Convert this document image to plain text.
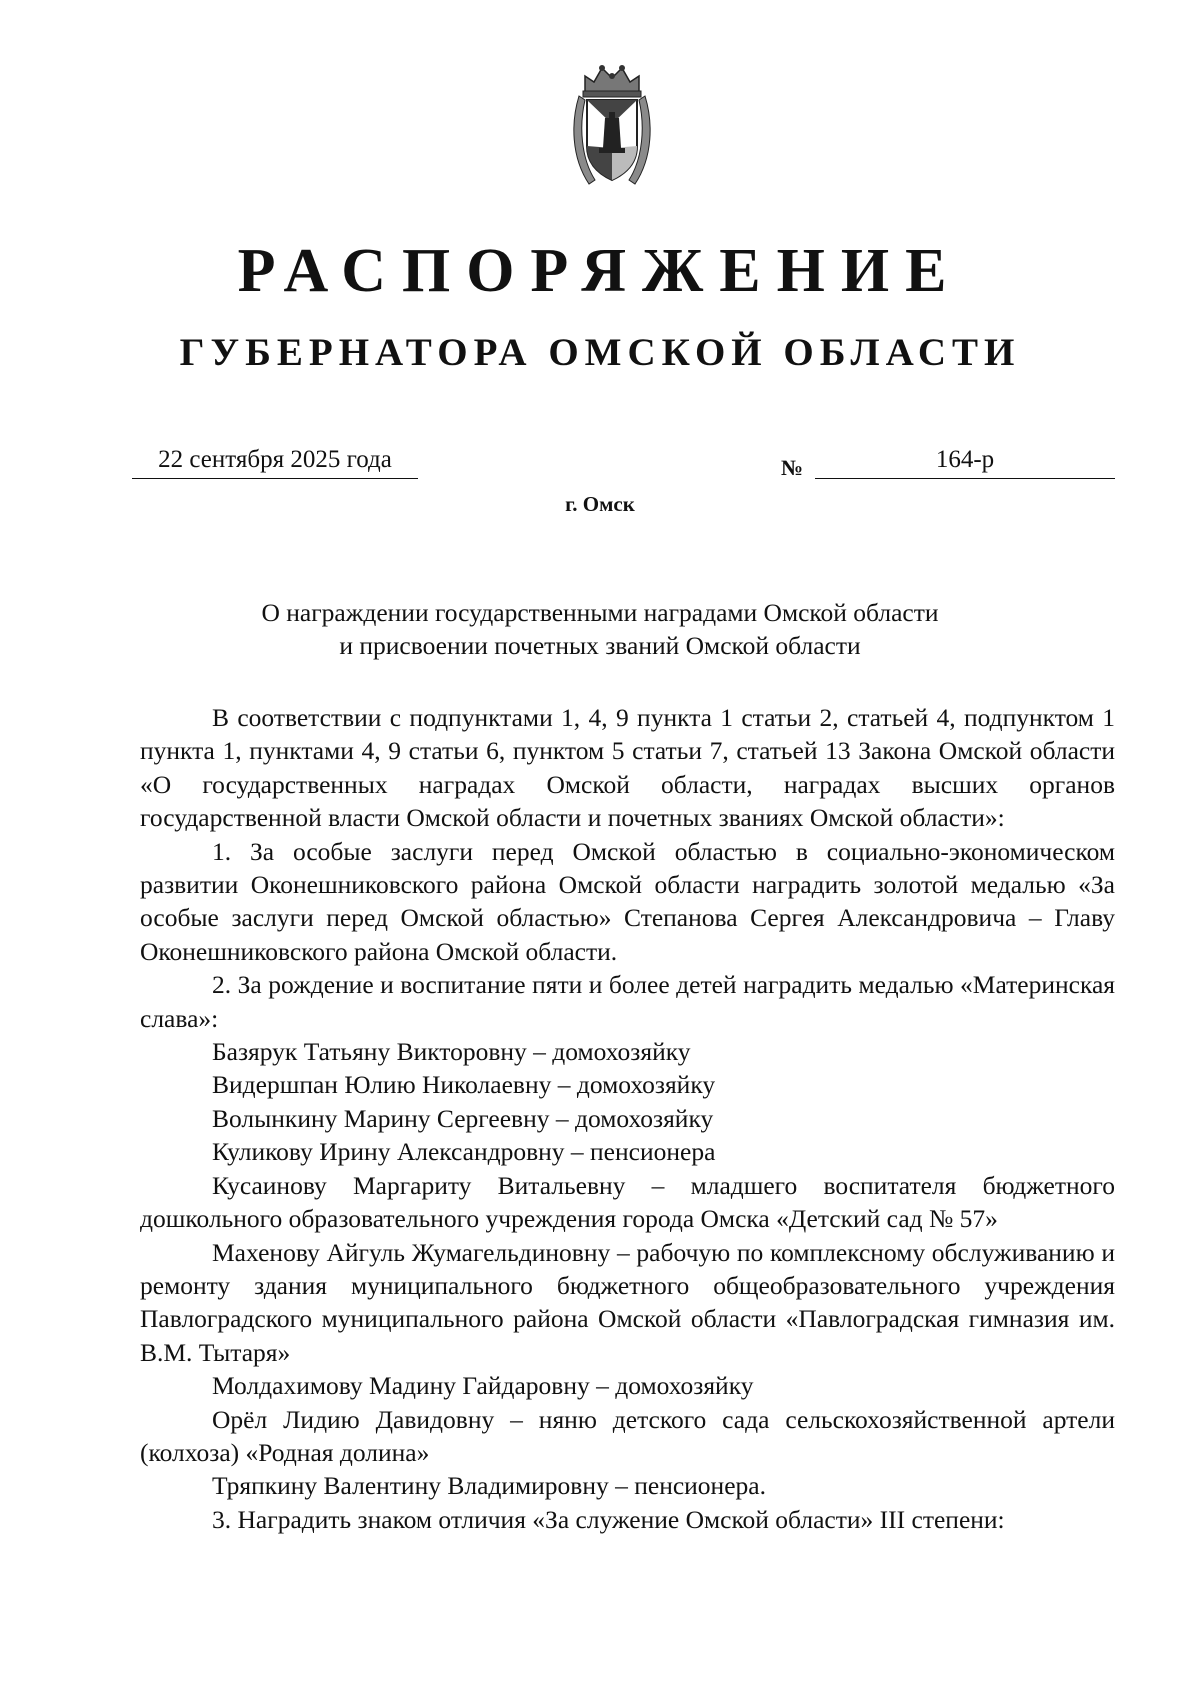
РАСПОРЯЖЕНИЕ
ГУБЕРНАТОРА ОМСКОЙ ОБЛАСТИ
22 сентября 2025 года	№	164-р
г. Омск
О награждении государственными наградами Омской области
и присвоении почетных званий Омской области

В соответствии с подпунктами 1, 4, 9 пункта 1 статьи 2, статьей 4, подпунктом 1 пункта 1, пунктами 4, 9 статьи 6, пунктом 5 статьи 7, статьей 13 Закона Омской области «О государственных наградах Омской области, наградах высших органов государственной власти Омской области и почетных званиях Омской области»:

1. За особые заслуги перед Омской областью в социально-экономическом развитии Оконешниковского района Омской области наградить золотой медалью «За особые заслуги перед Омской областью» Степанова Сергея Александровича – Главу Оконешниковского района Омской области.

2. За рождение и воспитание пяти и более детей наградить медалью «Материнская слава»:

Базярук Татьяну Викторовну – домохозяйку

Видершпан Юлию Николаевну – домохозяйку

Волынкину Марину Сергеевну – домохозяйку

Куликову Ирину Александровну – пенсионера

Кусаинову Маргариту Витальевну – младшего воспитателя бюджетного дошкольного образовательного учреждения города Омска «Детский сад № 57»

Махенову Айгуль Жумагельдиновну – рабочую по комплексному обслуживанию и ремонту здания муниципального бюджетного общеобразовательного учреждения Павлоградского муниципального района Омской области «Павлоградская гимназия им. В.М. Тытаря»

Молдахимову Мадину Гайдаровну – домохозяйку

Орёл Лидию Давидовну – няню детского сада сельскохозяйственной артели (колхоза) «Родная долина»

Тряпкину Валентину Владимировну – пенсионера.

3. Наградить знаком отличия «За служение Омской области» III степени:
